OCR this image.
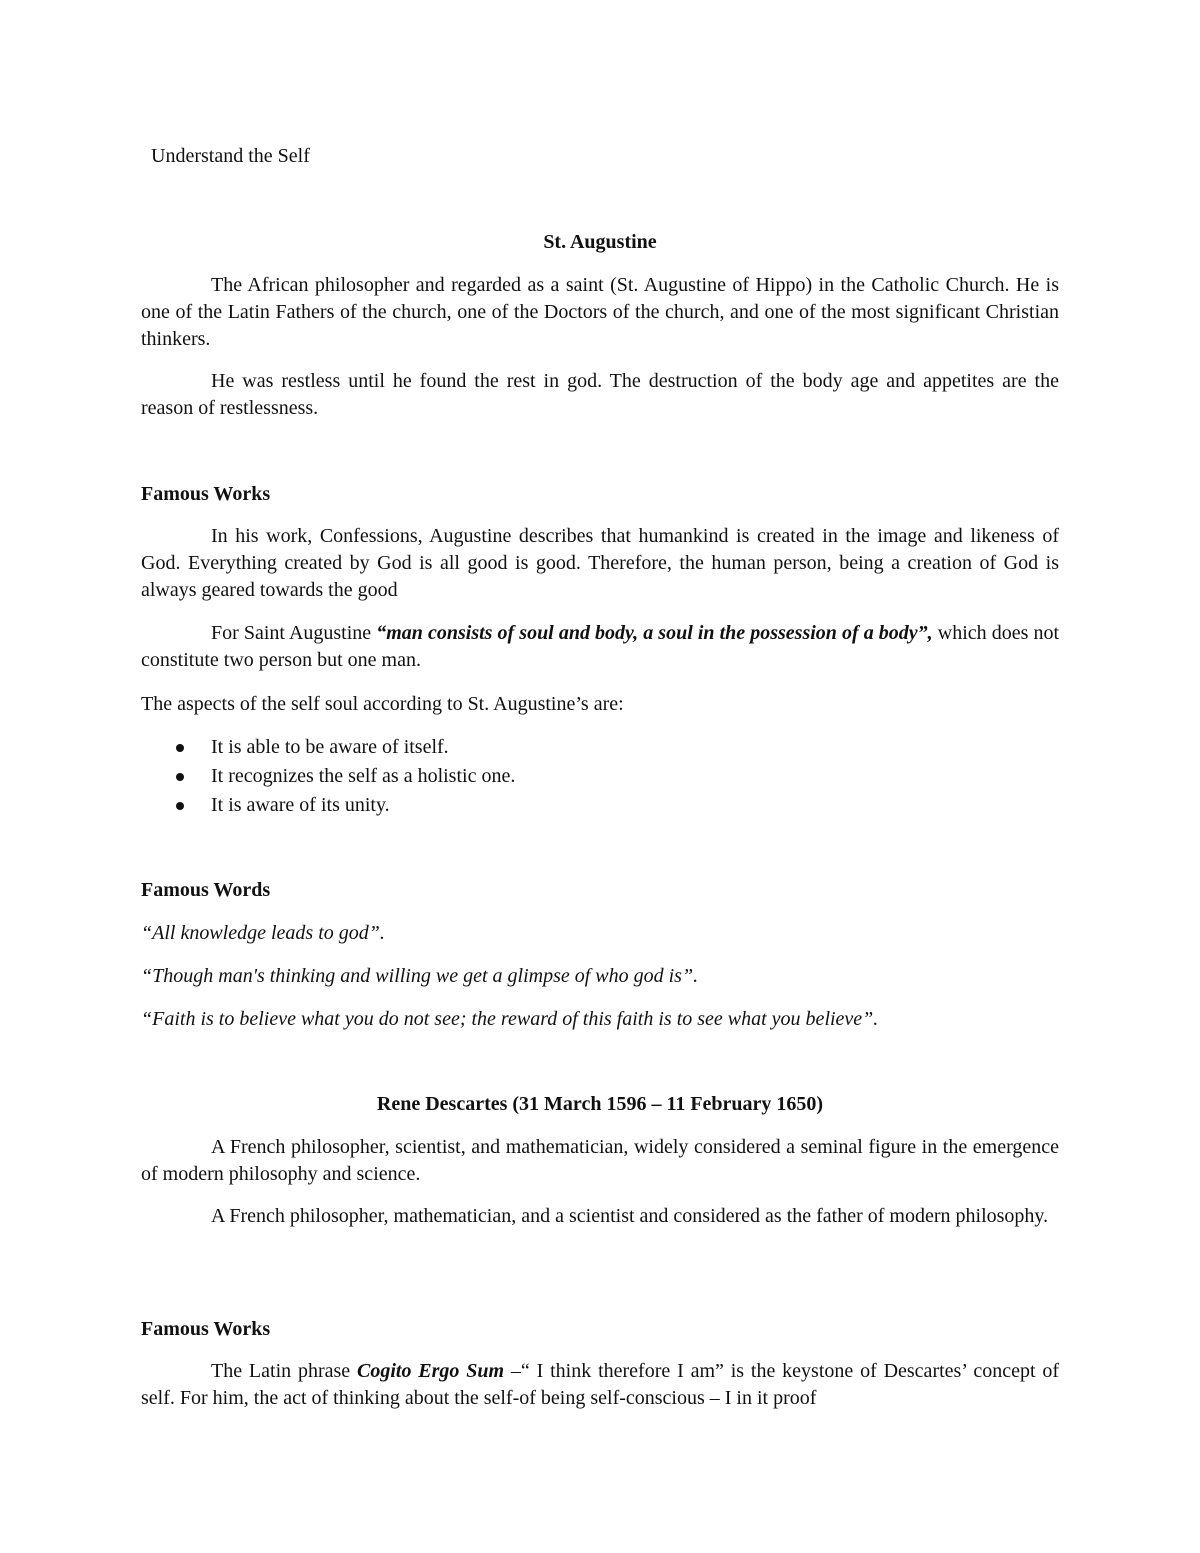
Understand the Self
St. Augustine

The African philosopher and regarded as a saint (St. Augustine of Hippo) in the Catholic Church. He is one of the Latin Fathers of the church, one of the Doctors of the church, and one of the most significant Christian thinkers.

He was restless until he found the rest in god. The destruction of the body age and appetites are the reason of restlessness.

Famous Works

In his work, Confessions, Augustine describes that humankind is created in the image and likeness of God. Everything created by God is all good is good. Therefore, the human person, being a creation of God is always geared towards the good

For Saint Augustine “man consists of soul and body, a soul in the possession of a body”, which does not constitute two person but one man.

The aspects of the self soul according to St. Augustine’s are:

It is able to be aware of itself.
It recognizes the self as a holistic one.
It is aware of its unity.
Famous Words

“All knowledge leads to god”.

“Though man's thinking and willing we get a glimpse of who god is”.

“Faith is to believe what you do not see; the reward of this faith is to see what you believe”.

Rene Descartes (31 March 1596 – 11 February 1650)

A French philosopher, scientist, and mathematician, widely considered a seminal figure in the emergence of modern philosophy and science.

A French philosopher, mathematician, and a scientist and considered as the father of modern philosophy.

Famous Works

The Latin phrase Cogito Ergo Sum –“ I think therefore I am” is the keystone of Descartes’ concept of self. For him, the act of thinking about the self-of being self-conscious – I in it proof
